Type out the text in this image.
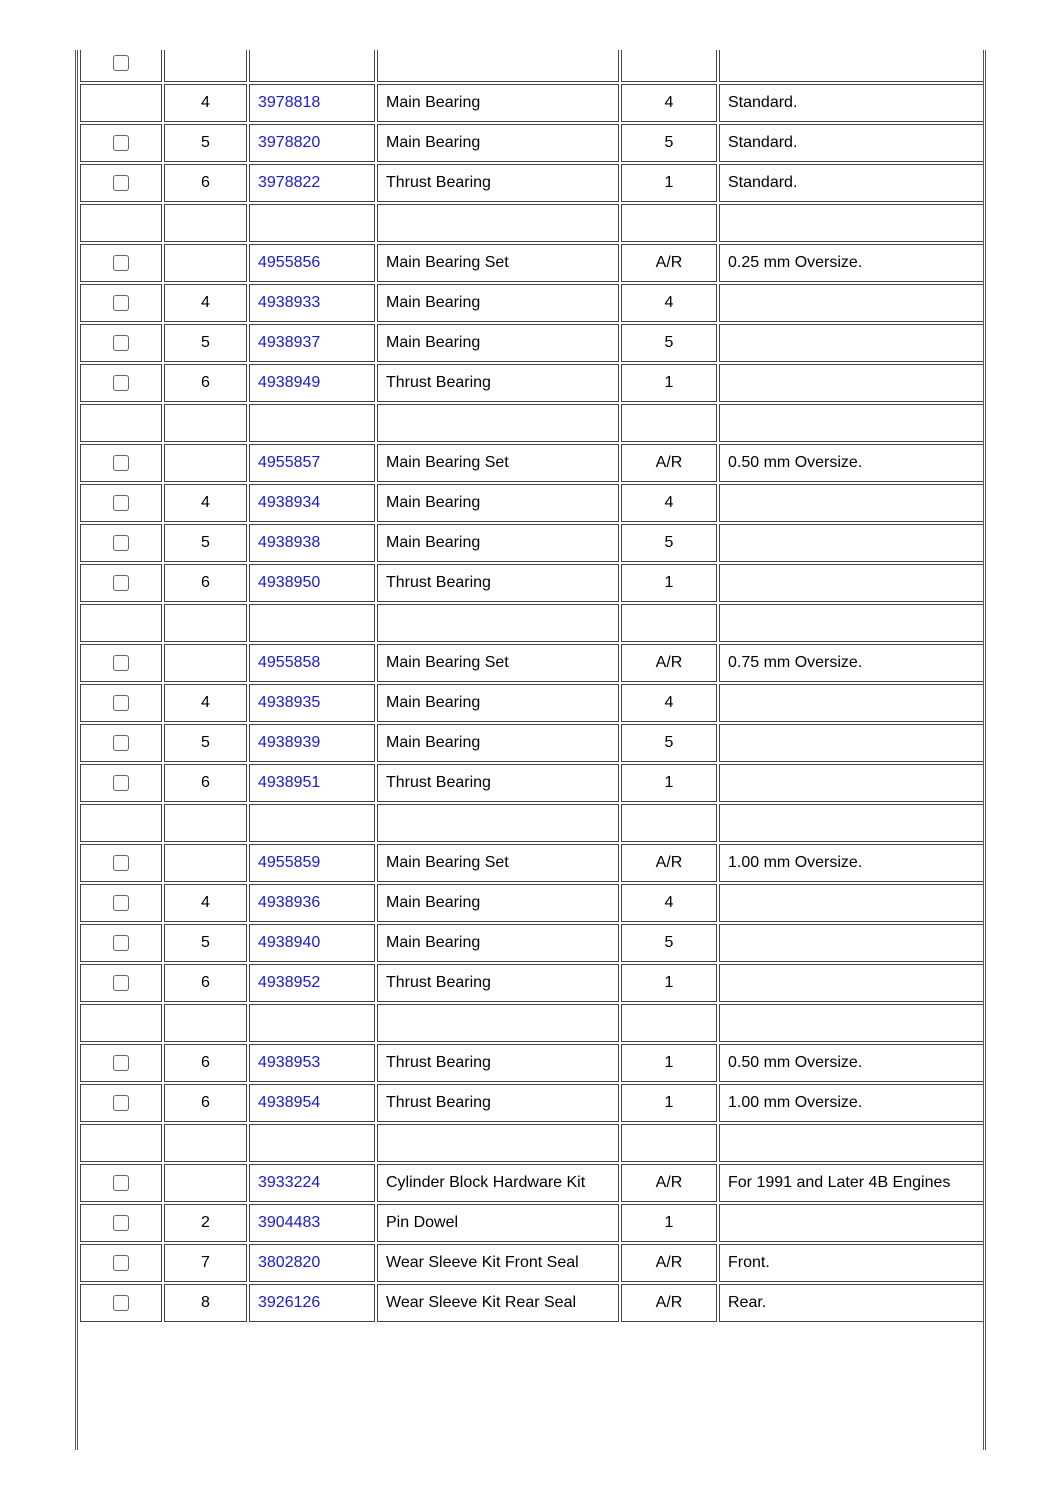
	4	3978818	Main Bearing	4	Standard.
	5	3978820	Main Bearing	5	Standard.
	6	3978822	Thrust Bearing	1	Standard.

		4955856	Main Bearing Set	A/R	0.25 mm Oversize.
	4	4938933	Main Bearing	4	
	5	4938937	Main Bearing	5	
	6	4938949	Thrust Bearing	1	

		4955857	Main Bearing Set	A/R	0.50 mm Oversize.
	4	4938934	Main Bearing	4	
	5	4938938	Main Bearing	5	
	6	4938950	Thrust Bearing	1	

		4955858	Main Bearing Set	A/R	0.75 mm Oversize.
	4	4938935	Main Bearing	4	
	5	4938939	Main Bearing	5	
	6	4938951	Thrust Bearing	1	

		4955859	Main Bearing Set	A/R	1.00 mm Oversize.
	4	4938936	Main Bearing	4	
	5	4938940	Main Bearing	5	
	6	4938952	Thrust Bearing	1	

	6	4938953	Thrust Bearing	1	0.50 mm Oversize.
	6	4938954	Thrust Bearing	1	1.00 mm Oversize.

		3933224	Cylinder Block Hardware Kit	A/R	For 1991 and Later 4B Engines
	2	3904483	Pin Dowel	1	
	7	3802820	Wear Sleeve Kit Front Seal	A/R	Front.
	8	3926126	Wear Sleeve Kit Rear Seal	A/R	Rear.
